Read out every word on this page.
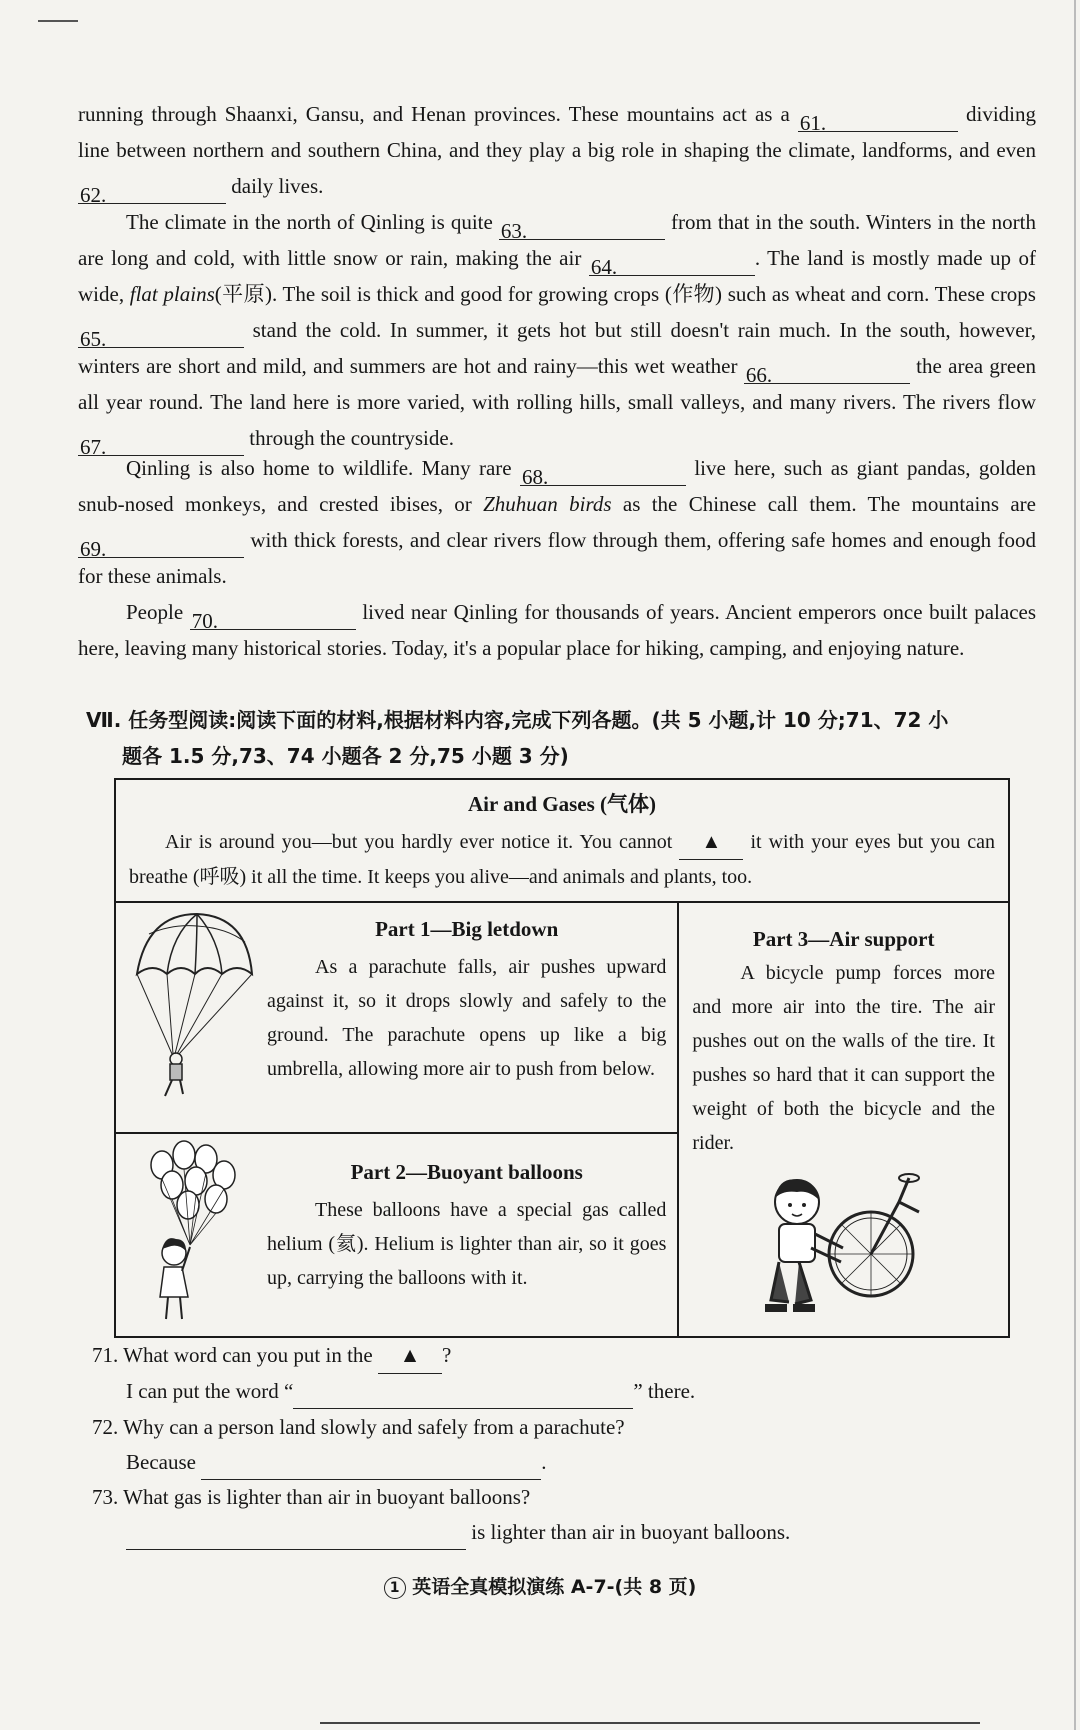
running through Shaanxi, Gansu, and Henan provinces. These mountains act as a 61.	dividing line between northern and southern China, and they play a big role in shaping the climate, landforms, and even 62.	daily lives.

The climate in the north of Qinling is quite 63.	from that in the south. Winters in the north are long and cold, with little snow or rain, making the air 64.	. The land is mostly made up of wide, flat plains(平原). The soil is thick and good for growing crops (作物) such as wheat and corn. These crops 65.	stand the cold. In summer, it gets hot but still doesn't rain much. In the south, however, winters are short and mild, and summers are hot and rainy—this wet weather 66.	the area green all year round. The land here is more varied, with rolling hills, small valleys, and many rivers. The rivers flow 67.	through the countryside.

Qinling is also home to wildlife. Many rare 68.	live here, such as giant pandas, golden snub-nosed monkeys, and crested ibises, or Zhuhuan birds as the Chinese call them. The mountains are 69.	with thick forests, and clear rivers flow through them, offering safe homes and enough food for these animals.

People 70.	lived near Qinling for thousands of years. Ancient emperors once built palaces here, leaving many historical stories. Today, it's a popular place for hiking, camping, and enjoying nature.

Ⅶ. 任务型阅读:阅读下面的材料,根据材料内容,完成下列各题。(共 5 小题,计 10 分;71、72 小
题各 1.5 分,73、74 小题各 2 分,75 小题 3 分)
Air and Gases (气体)
Air is around you—but you hardly ever notice it. You cannot ▲ it with your eyes but you can breathe (呼吸) it all the time. It keeps you alive—and animals and plants, too.

Part 1—Big letdown
As a parachute falls, air pushes upward against it, so it drops slowly and safely to the ground. The parachute opens up like a big umbrella, allowing more air to push from below.

Part 3—Air support
A bicycle pump forces more and more air into the tire. The air pushes out on the walls of the tire. It pushes so hard that it can support the weight of both the bicycle and the rider.

Part 2—Buoyant balloons
These balloons have a special gas called helium (氦). Helium is lighter than air, so it goes up, carrying the balloons with it.
71. What word can you put in the ▲ ?
I can put the word “	” there.
72. Why can a person land slowly and safely from a parachute?
Because	.
73. What gas is lighter than air in buoyant balloons?
is lighter than air in buoyant balloons.
1 英语全真模拟演练 A-7-(共 8 页)
